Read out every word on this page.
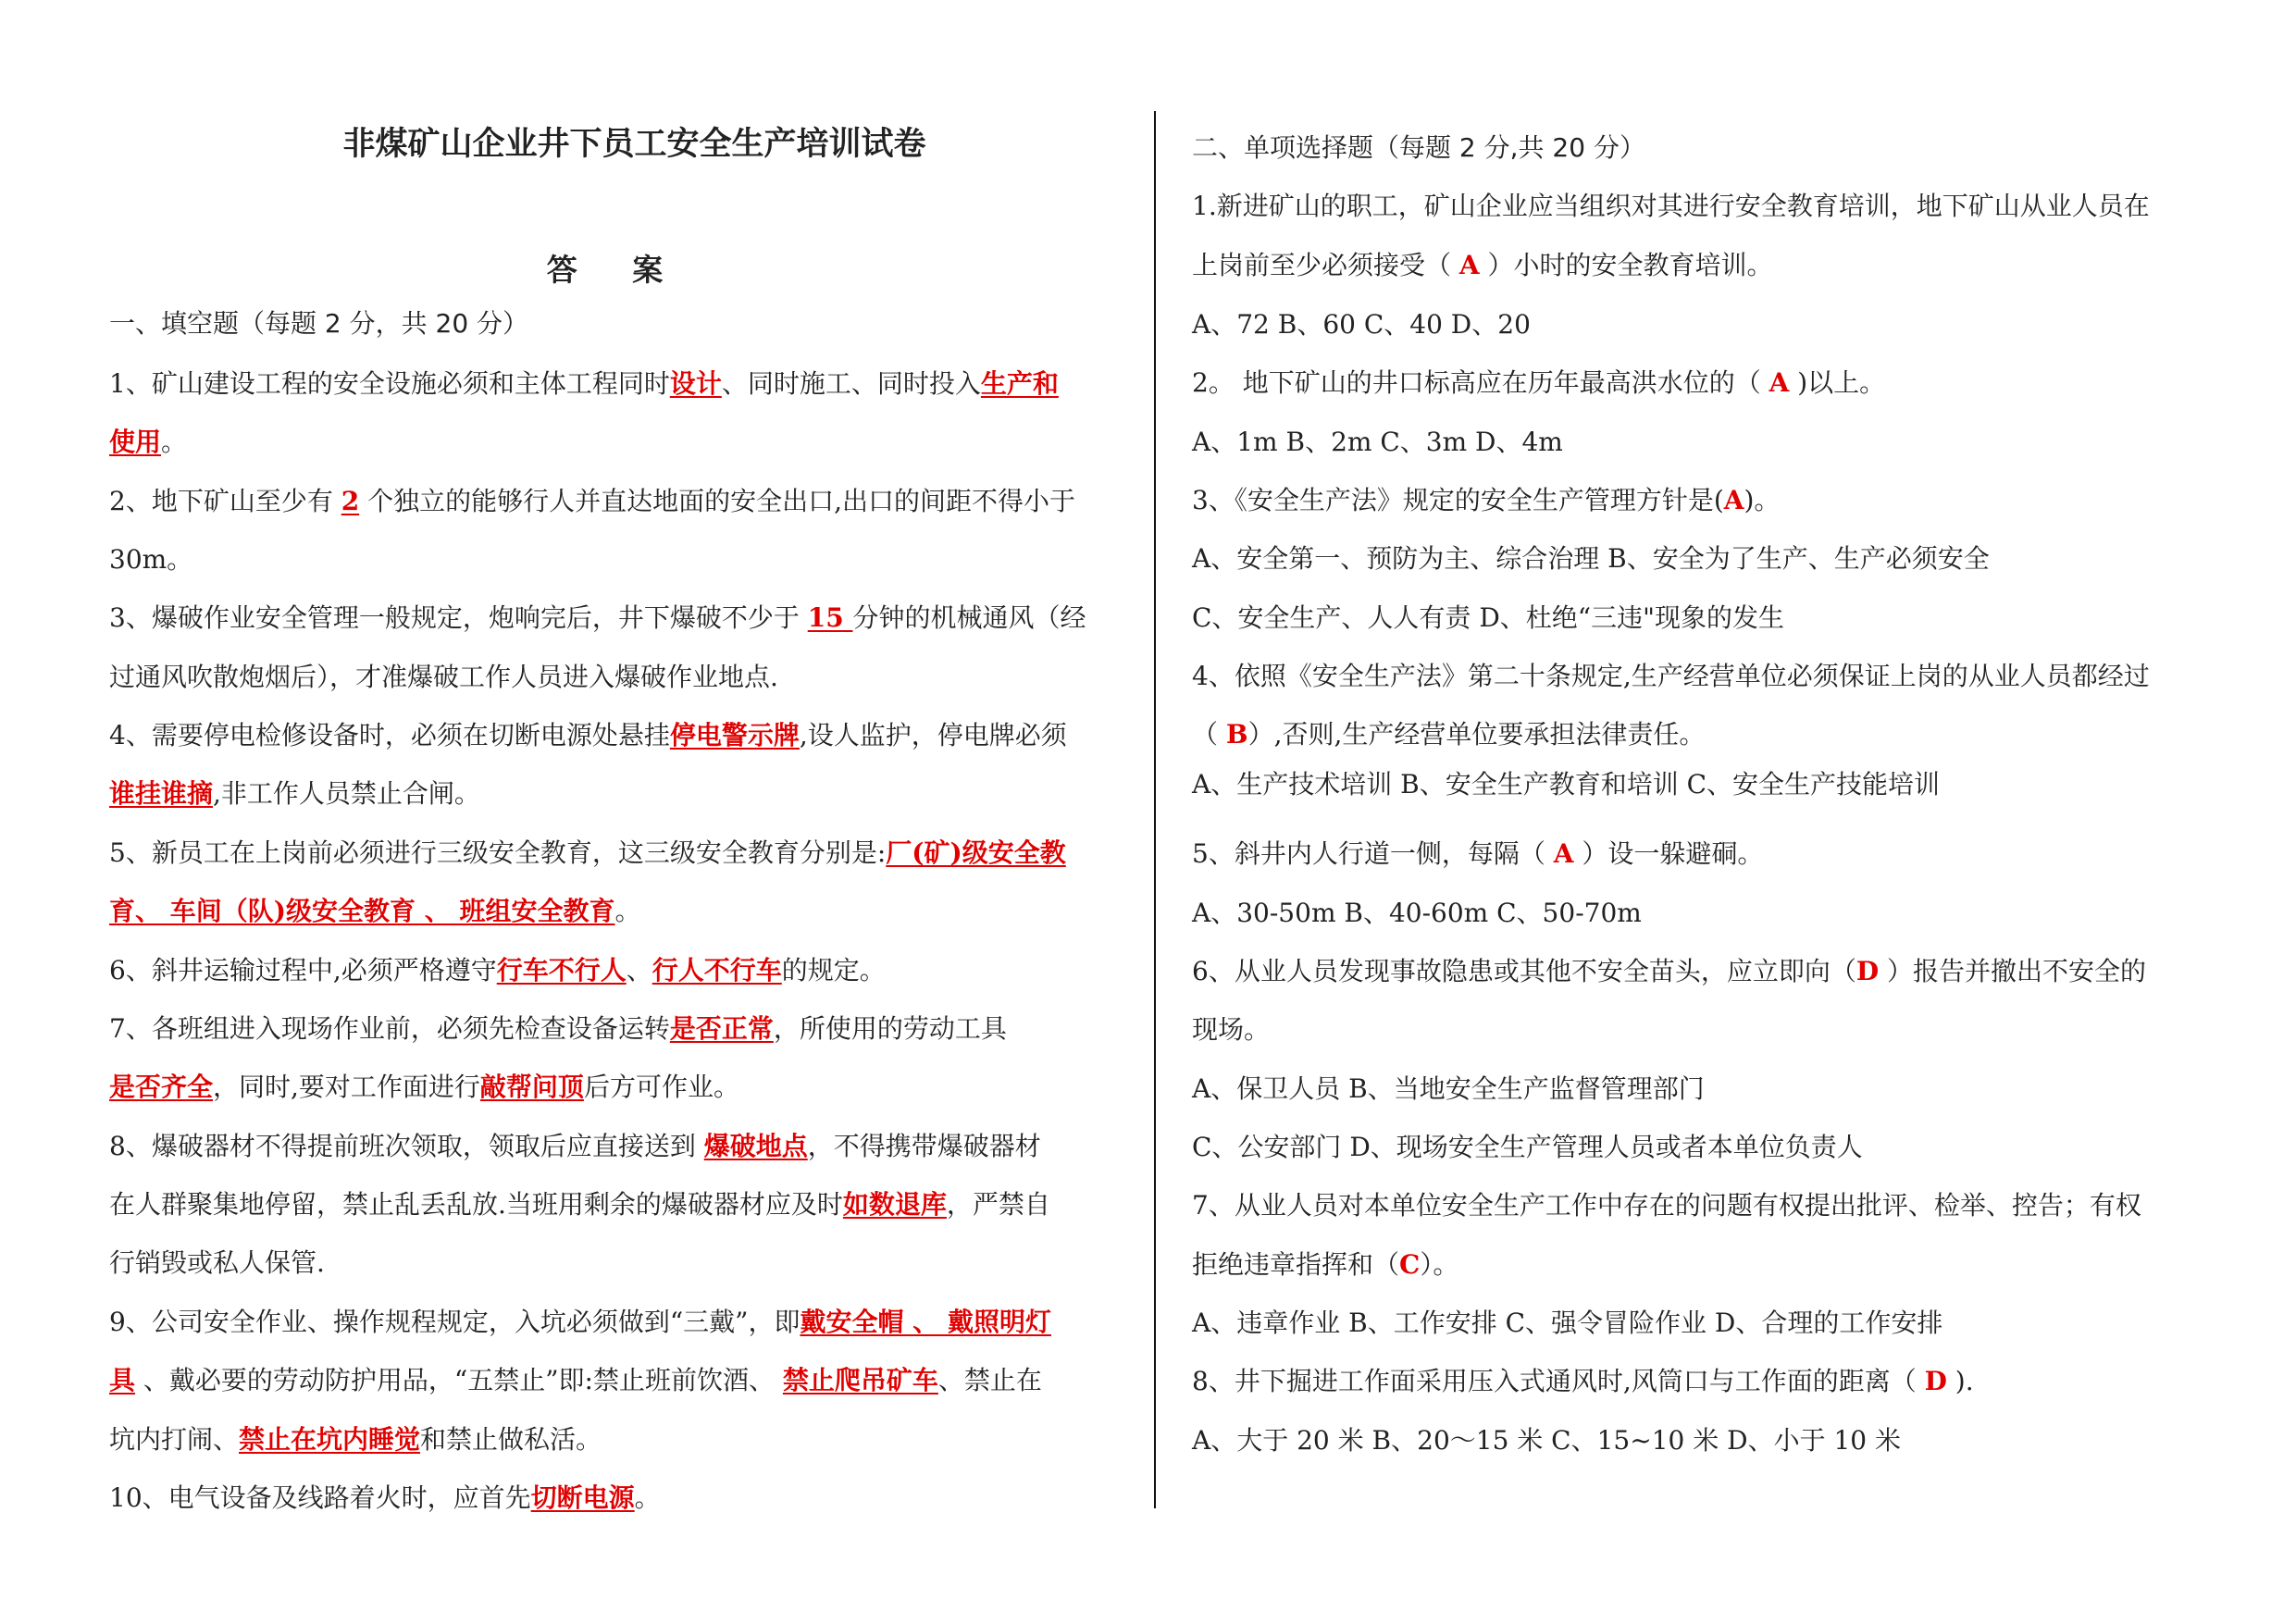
非煤矿山企业井下员工安全生产培训试卷
答 案
一、填空题（每题 2 分，共 20 分）
1、矿山建设工程的安全设施必须和主体工程同时设计、同时施工、同时投入生产和
使用。
2、地下矿山至少有 2 个独立的能够行人并直达地面的安全出口,出口的间距不得小于
30m。
3、爆破作业安全管理一般规定，炮响完后，井下爆破不少于 15 分钟的机械通风（经
过通风吹散炮烟后），才准爆破工作人员进入爆破作业地点.
4、需要停电检修设备时，必须在切断电源处悬挂停电警示牌,设人监护，停电牌必须
谁挂谁摘,非工作人员禁止合闸。
5、新员工在上岗前必须进行三级安全教育，这三级安全教育分别是:厂(矿)级安全教
育、 车间（队)级安全教育 、 班组安全教育。
6、斜井运输过程中,必须严格遵守行车不行人、行人不行车的规定。
7、各班组进入现场作业前，必须先检查设备运转是否正常，所使用的劳动工具
是否齐全，同时,要对工作面进行敲帮问顶后方可作业。
8、爆破器材不得提前班次领取，领取后应直接送到 爆破地点，不得携带爆破器材
在人群聚集地停留，禁止乱丢乱放.当班用剩余的爆破器材应及时如数退库，严禁自
行销毁或私人保管.
9、公司安全作业、操作规程规定，入坑必须做到“三戴”，即戴安全帽 、 戴照明灯
具 、戴必要的劳动防护用品，“五禁止”即:禁止班前饮酒、 禁止爬吊矿车、禁止在
坑内打闹、禁止在坑内睡觉和禁止做私活。
10、电气设备及线路着火时，应首先切断电源。
二、单项选择题（每题 2 分,共 20 分）
1.新进矿山的职工，矿山企业应当组织对其进行安全教育培训，地下矿山从业人员在
上岗前至少必须接受（ A ）小时的安全教育培训。
A、72 B、60 C、40 D、20
2。 地下矿山的井口标高应在历年最高洪水位的（ A )以上。
A、1m B、2m C、3m D、4m
3、《安全生产法》规定的安全生产管理方针是(A)。
A、安全第一、预防为主、综合治理 B、安全为了生产、生产必须安全
C、安全生产、人人有责 D、杜绝“三违"现象的发生
4、依照《安全生产法》第二十条规定,生产经营单位必须保证上岗的从业人员都经过
（ B）,否则,生产经营单位要承担法律责任。
A、生产技术培训 B、安全生产教育和培训 C、安全生产技能培训
5、斜井内人行道一侧，每隔（ A ）设一躲避硐。
A、30-50m B、40-60m C、50-70m
6、从业人员发现事故隐患或其他不安全苗头，应立即向（D ）报告并撤出不安全的
现场。
A、保卫人员 B、当地安全生产监督管理部门
C、公安部门 D、现场安全生产管理人员或者本单位负责人
7、从业人员对本单位安全生产工作中存在的问题有权提出批评、检举、控告；有权
拒绝违章指挥和（C）。
A、违章作业 B、工作安排 C、强令冒险作业 D、合理的工作安排
8、井下掘进工作面采用压入式通风时,风筒口与工作面的距离（ D ).
A、大于 20 米 B、20～15 米 C、15~10 米 D、小于 10 米
